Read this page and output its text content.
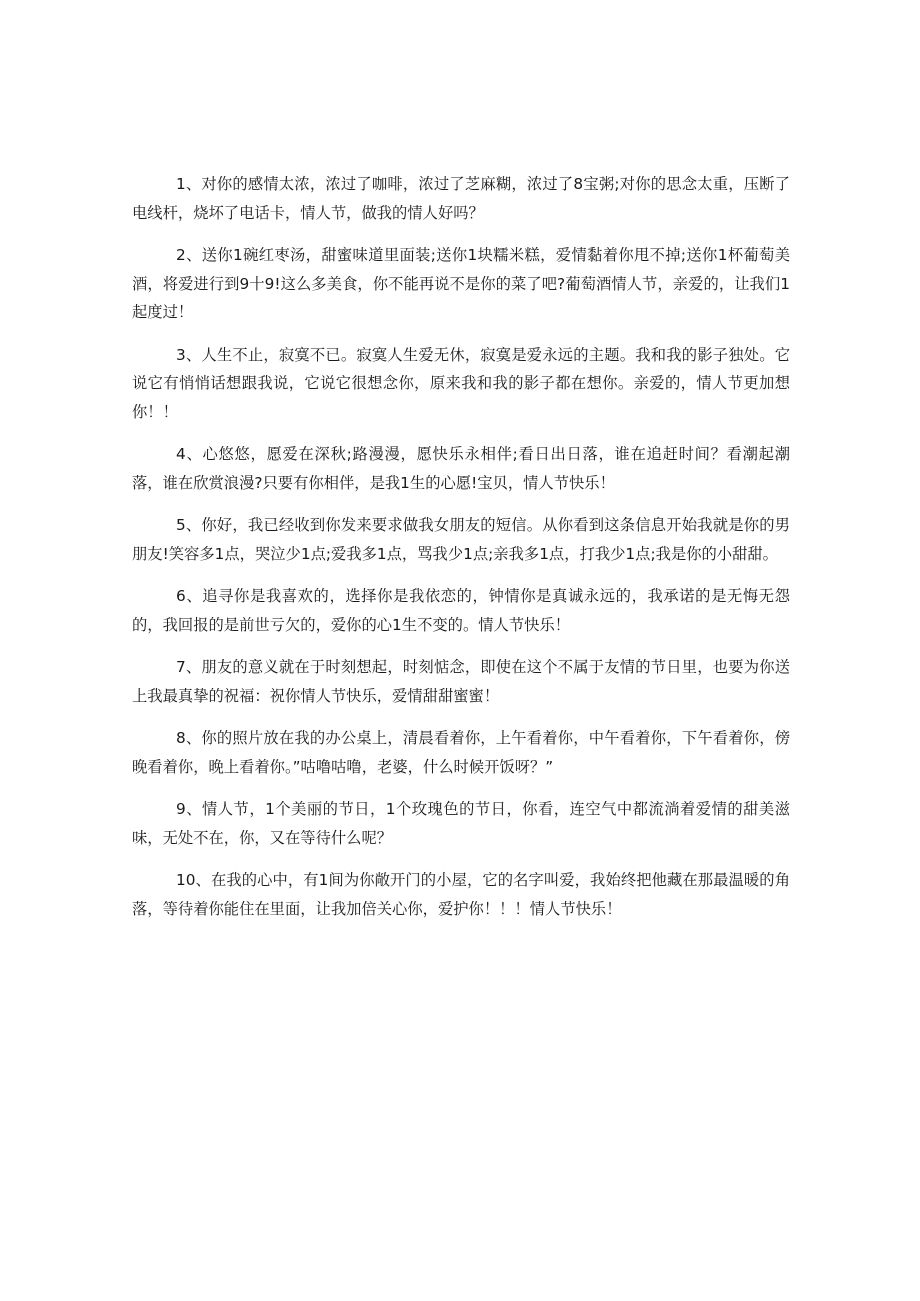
1、对你的感情太浓，浓过了咖啡，浓过了芝麻糊，浓过了8宝粥;对你的思念太重，压断了电线杆，烧坏了电话卡，情人节，做我的情人好吗？

2、送你1碗红枣汤，甜蜜味道里面装;送你1块糯米糕，爱情黏着你甩不掉;送你1杯葡萄美酒，将爱进行到9十9!这么多美食，你不能再说不是你的菜了吧?葡萄酒情人节，亲爱的，让我们1起度过！

3、人生不止，寂寞不已。寂寞人生爱无休，寂寞是爱永远的主题。我和我的影子独处。它说它有悄悄话想跟我说，它说它很想念你，原来我和我的影子都在想你。亲爱的，情人节更加想你！！

4、心悠悠，愿爱在深秋;路漫漫，愿快乐永相伴;看日出日落，谁在追赶时间？看潮起潮落，谁在欣赏浪漫?只要有你相伴，是我1生的心愿!宝贝，情人节快乐！

5、你好，我已经收到你发来要求做我女朋友的短信。从你看到这条信息开始我就是你的男朋友!笑容多1点，哭泣少1点;爱我多1点，骂我少1点;亲我多1点，打我少1点;我是你的小甜甜。

6、追寻你是我喜欢的，选择你是我依恋的，钟情你是真诚永远的，我承诺的是无悔无怨的，我回报的是前世亏欠的，爱你的心1生不变的。情人节快乐！

7、朋友的意义就在于时刻想起，时刻惦念，即使在这个不属于友情的节日里，也要为你送上我最真挚的祝福：祝你情人节快乐，爱情甜甜蜜蜜！

8、你的照片放在我的办公桌上，清晨看着你，上午看着你，中午看着你，下午看着你，傍晚看着你，晚上看着你。”咕噜咕噜，老婆，什么时候开饭呀？”

9、情人节，1个美丽的节日，1个玫瑰色的节日，你看，连空气中都流淌着爱情的甜美滋味，无处不在，你，又在等待什么呢？

10、在我的心中，有1间为你敞开门的小屋，它的名字叫爱，我始终把他藏在那最温暖的角落，等待着你能住在里面，让我加倍关心你，爱护你！！！情人节快乐！
